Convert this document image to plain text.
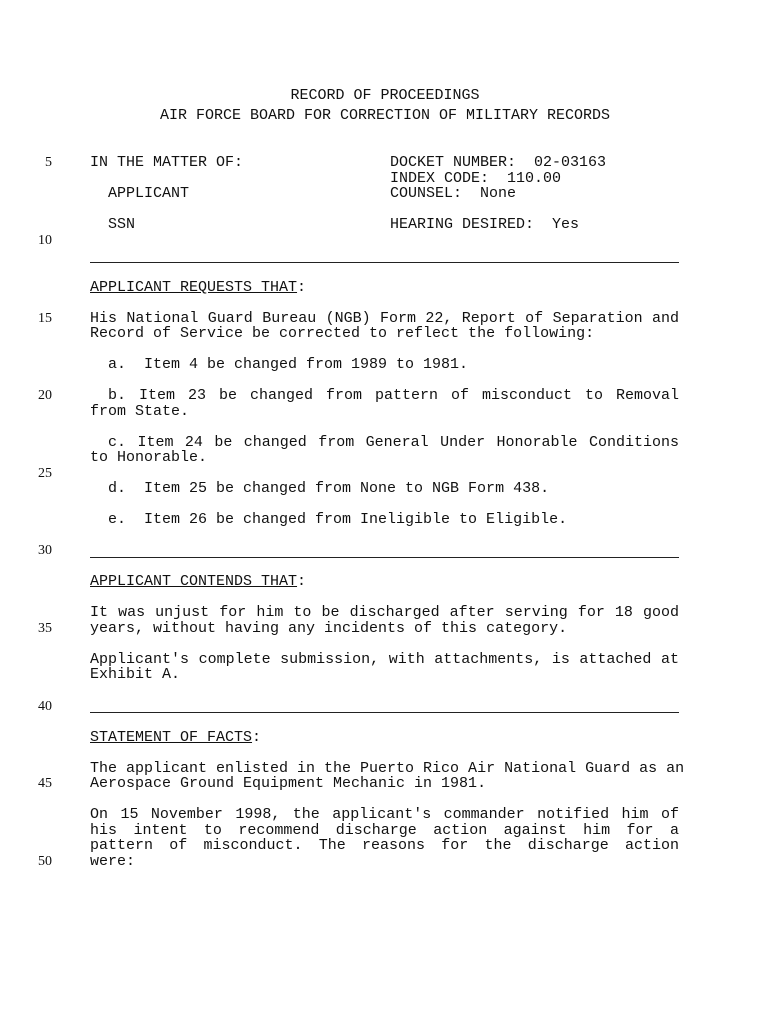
RECORD OF PROCEEDINGS
AIR FORCE BOARD FOR CORRECTION OF MILITARY RECORDS
5
10
15
20
25
30
35
40
45
50
IN THE MATTER OF:
APPLICANT
SSN
DOCKET NUMBER:  02-03163
INDEX CODE:  110.00
COUNSEL:  None
HEARING DESIRED:  Yes
APPLICANT REQUESTS THAT:
His National Guard Bureau (NGB) Form 22, Report of Separation and
Record of Service be corrected to reflect the following:
a.  Item 4 be changed from 1989 to 1981.
b. Item 23 be changed from pattern of misconduct to Removal
from State.
c. Item 24 be changed from General Under Honorable Conditions
to Honorable.
d.  Item 25 be changed from None to NGB Form 438.
e.  Item 26 be changed from Ineligible to Eligible.
APPLICANT CONTENDS THAT:
It was unjust for him to be discharged after serving for 18 good
years, without having any incidents of this category.
Applicant's complete submission, with attachments, is attached at
Exhibit A.
STATEMENT OF FACTS:
The applicant enlisted in the Puerto Rico Air National Guard as an
Aerospace Ground Equipment Mechanic in 1981.
On 15 November 1998, the applicant's commander notified him of
his intent to recommend discharge action against him for a
pattern of misconduct. The reasons for the discharge action
were:
